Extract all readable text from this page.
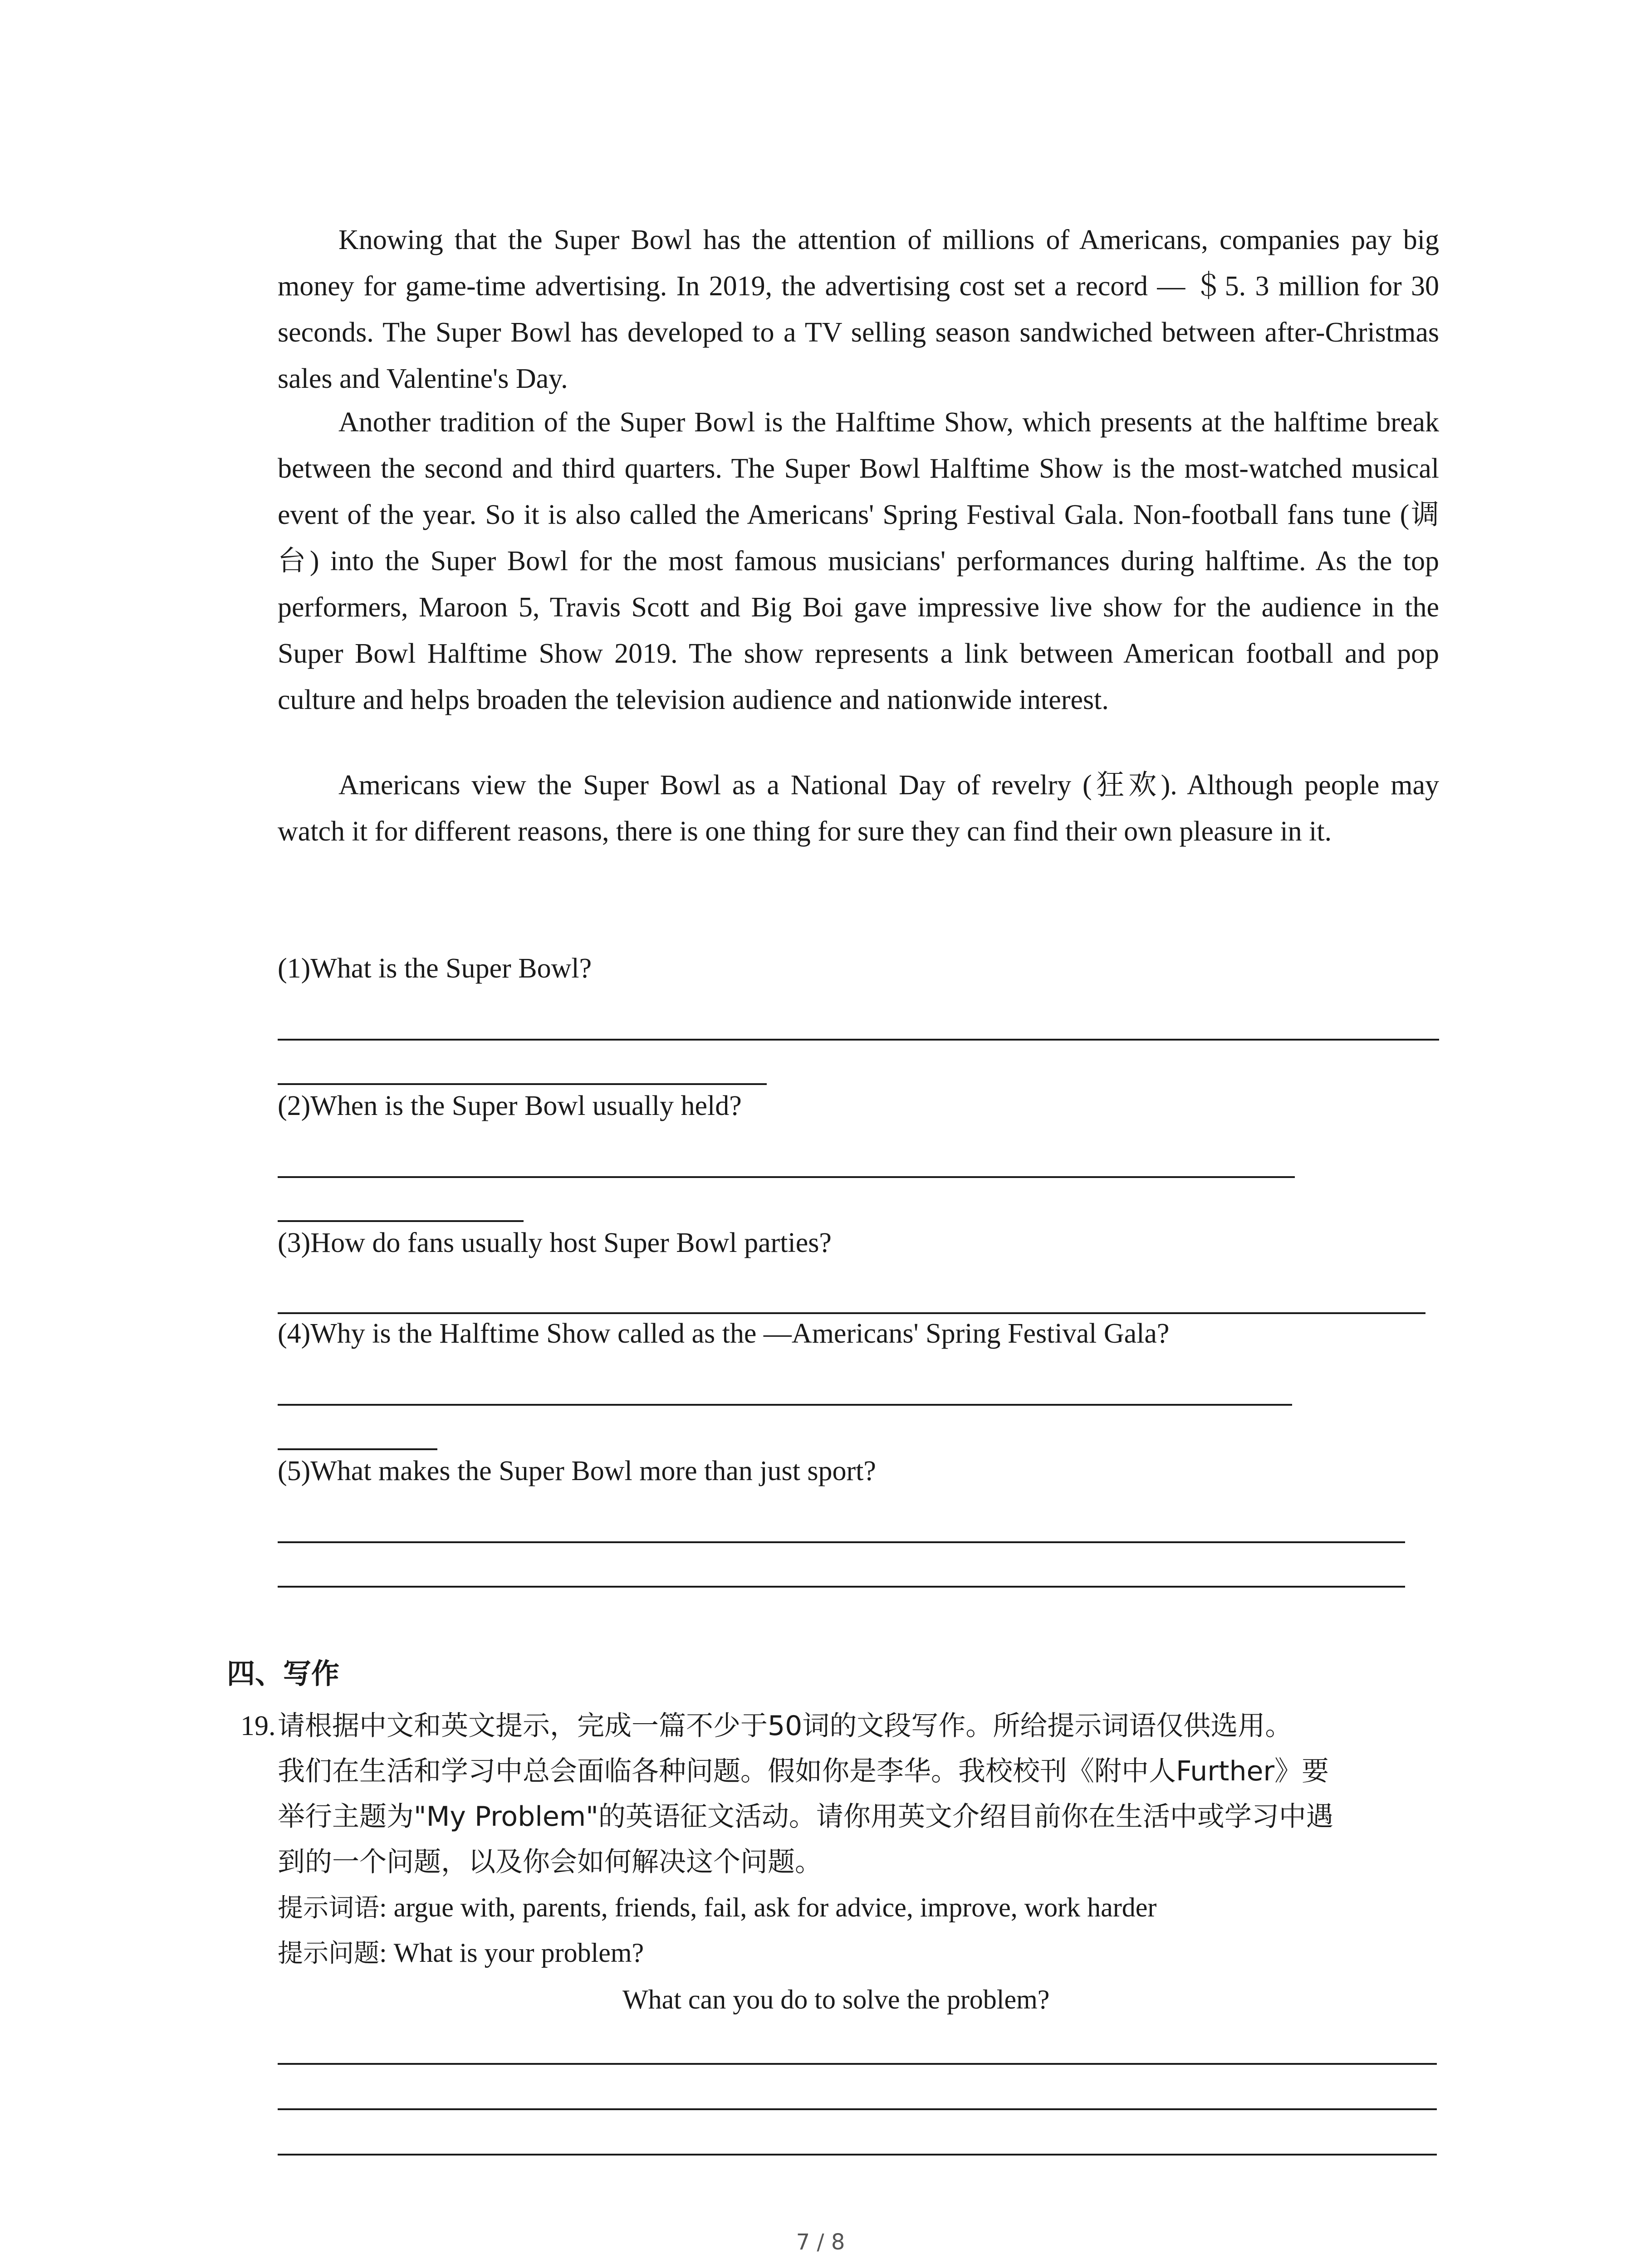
Knowing that the Super Bowl has the attention of millions of Americans, companies pay big money for game-time advertising. In 2019, the advertising cost set a record — ＄5. 3 million for 30 seconds. The Super Bowl has developed to a TV selling season sandwiched between after-Christmas sales and Valentine's Day.

Another tradition of the Super Bowl is the Halftime Show, which presents at the halftime break between the second and third quarters. The Super Bowl Halftime Show is the most-watched musical event of the year. So it is also called the Americans' Spring Festival Gala. Non-football fans tune (调台) into the Super Bowl for the most famous musicians' performances during halftime. As the top performers, Maroon 5, Travis Scott and Big Boi gave impressive live show for the audience in the Super Bowl Halftime Show 2019. The show represents a link between American football and pop culture and helps broaden the television audience and nationwide interest.

Americans view the Super Bowl as a National Day of revelry (狂欢). Although people may watch it for different reasons, there is one thing for sure they can find their own pleasure in it.

(1)What is the Super Bowl?
(2)When is the Super Bowl usually held?
(3)How do fans usually host Super Bowl parties?
(4)Why is the Halftime Show called as the —Americans' Spring Festival Gala?
(5)What makes the Super Bowl more than just sport?
四、写作
19. 请根据中文和英文提示，完成一篇不少于50词的文段写作。所给提示词语仅供选用。
我们在生活和学习中总会面临各种问题。假如你是李华。我校校刊《附中人Further》要
举行主题为"My Problem"的英语征文活动。请你用英文介绍目前你在生活中或学习中遇
到的一个问题，以及你会如何解决这个问题。
提示词语: argue with, parents, friends, fail, ask for advice, improve, work harder
提示问题: What is your problem?
What can you do to solve the problem?
7 / 8
